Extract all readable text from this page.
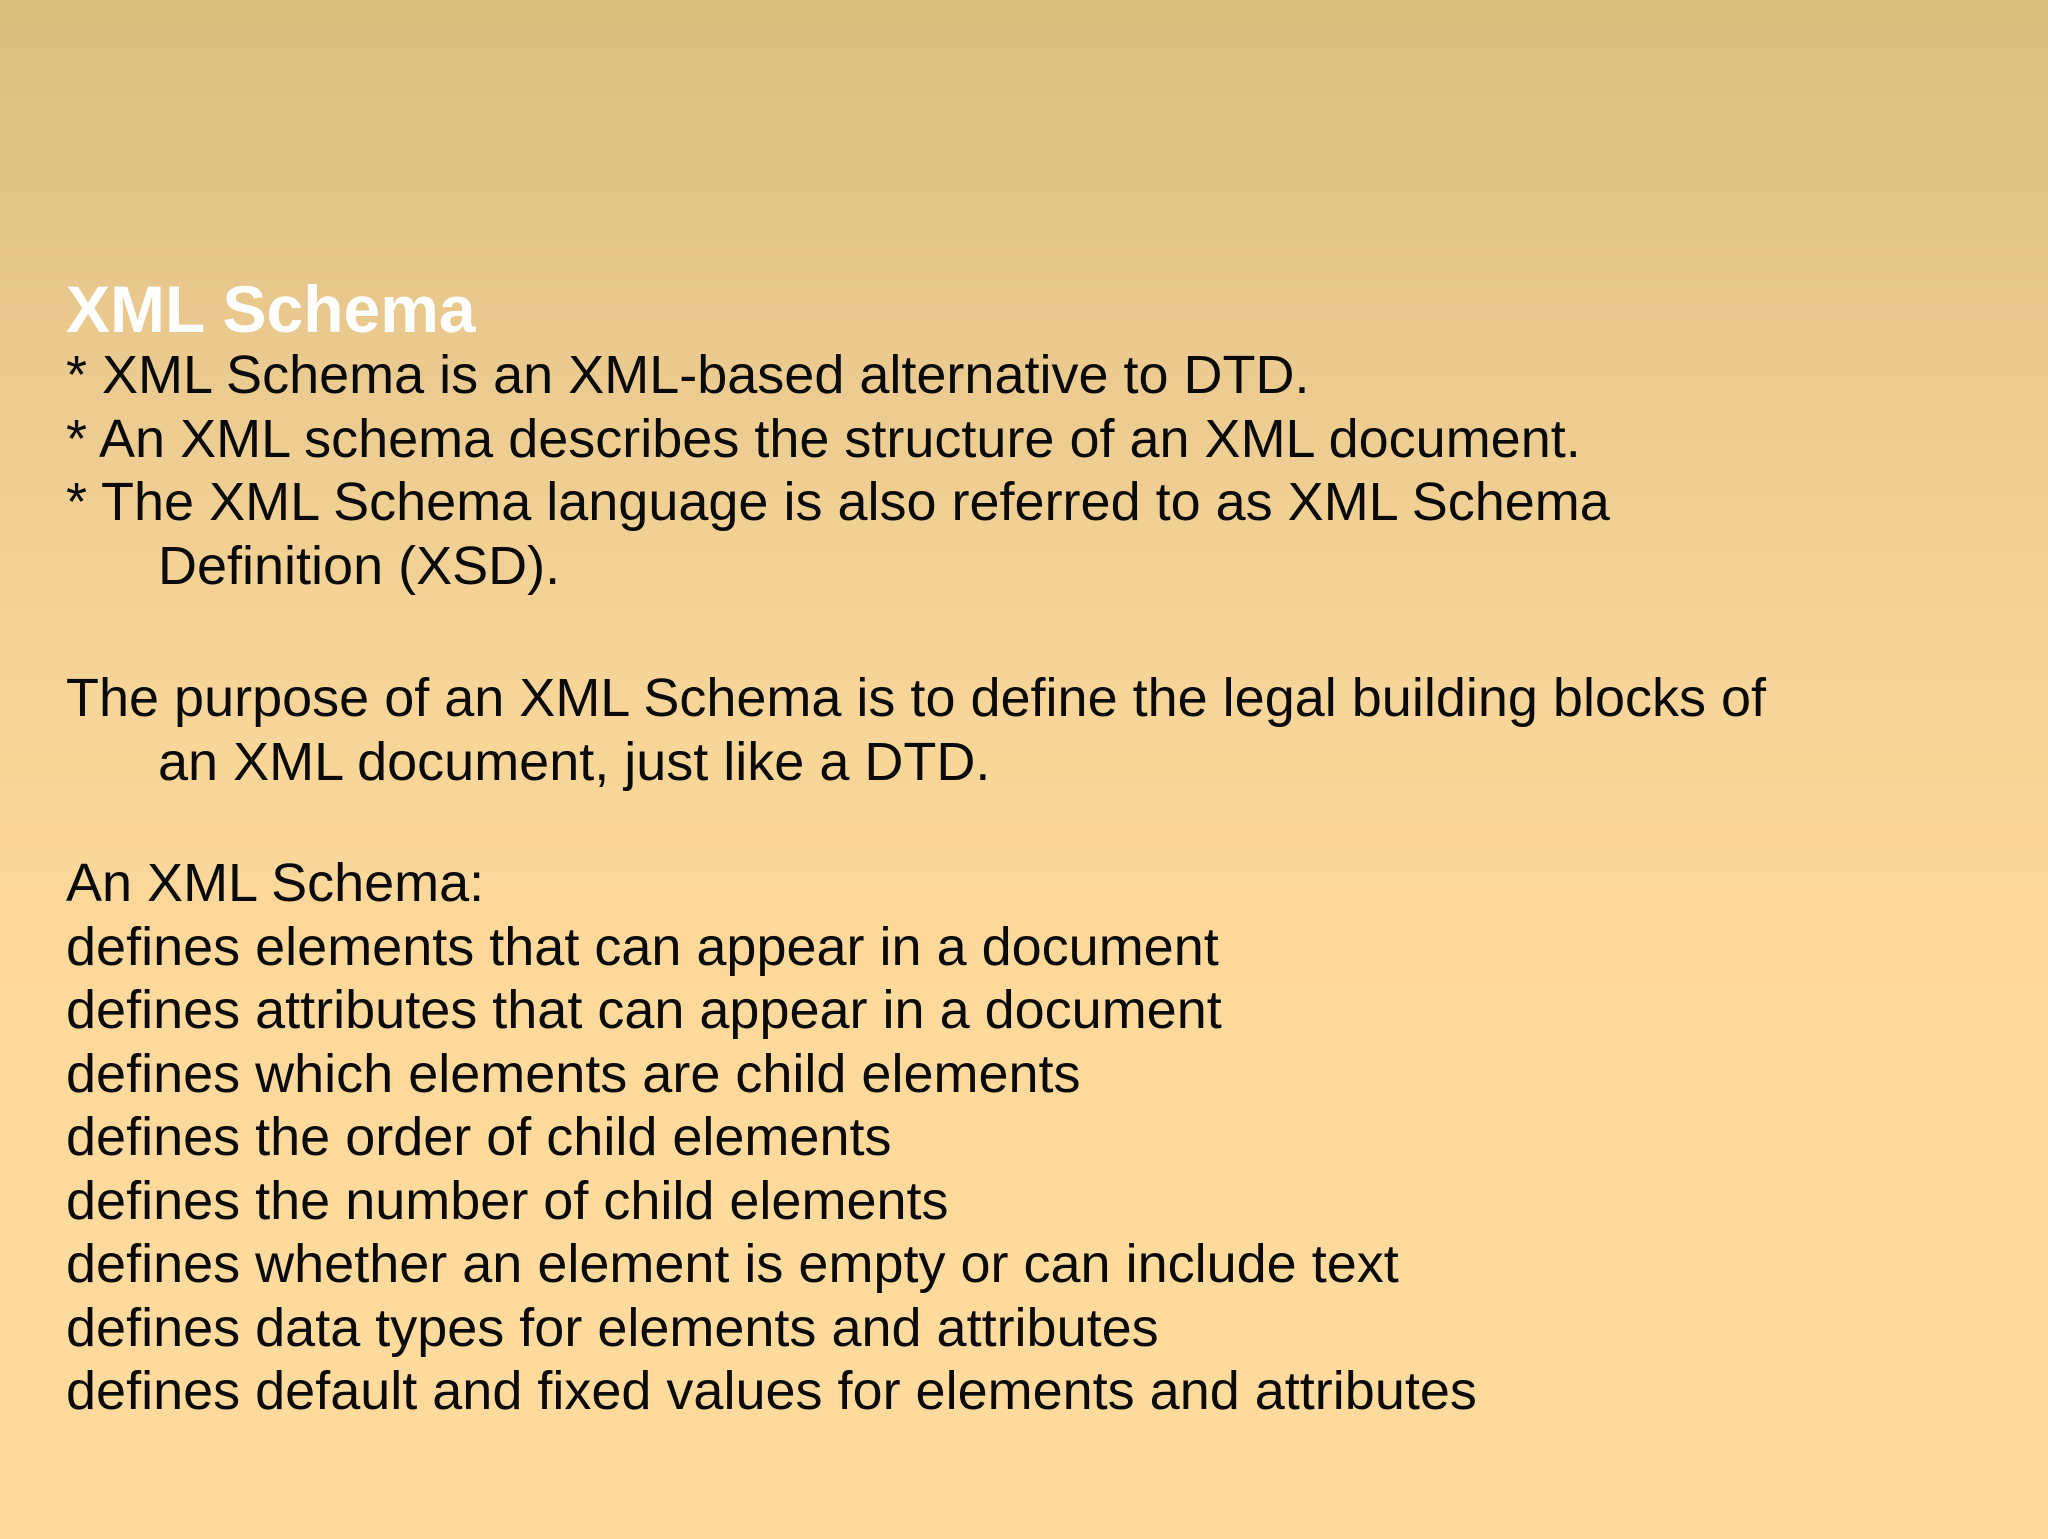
XML Schema
* XML Schema is an XML-based alternative to DTD.
* An XML schema describes the structure of an XML document.
* The XML Schema language is also referred to as XML Schema
Definition (XSD).
The purpose of an XML Schema is to define the legal building blocks of
an XML document, just like a DTD.
An XML Schema:
defines elements that can appear in a document
defines attributes that can appear in a document
defines which elements are child elements
defines the order of child elements
defines the number of child elements
defines whether an element is empty or can include text
defines data types for elements and attributes
defines default and fixed values for elements and attributes
